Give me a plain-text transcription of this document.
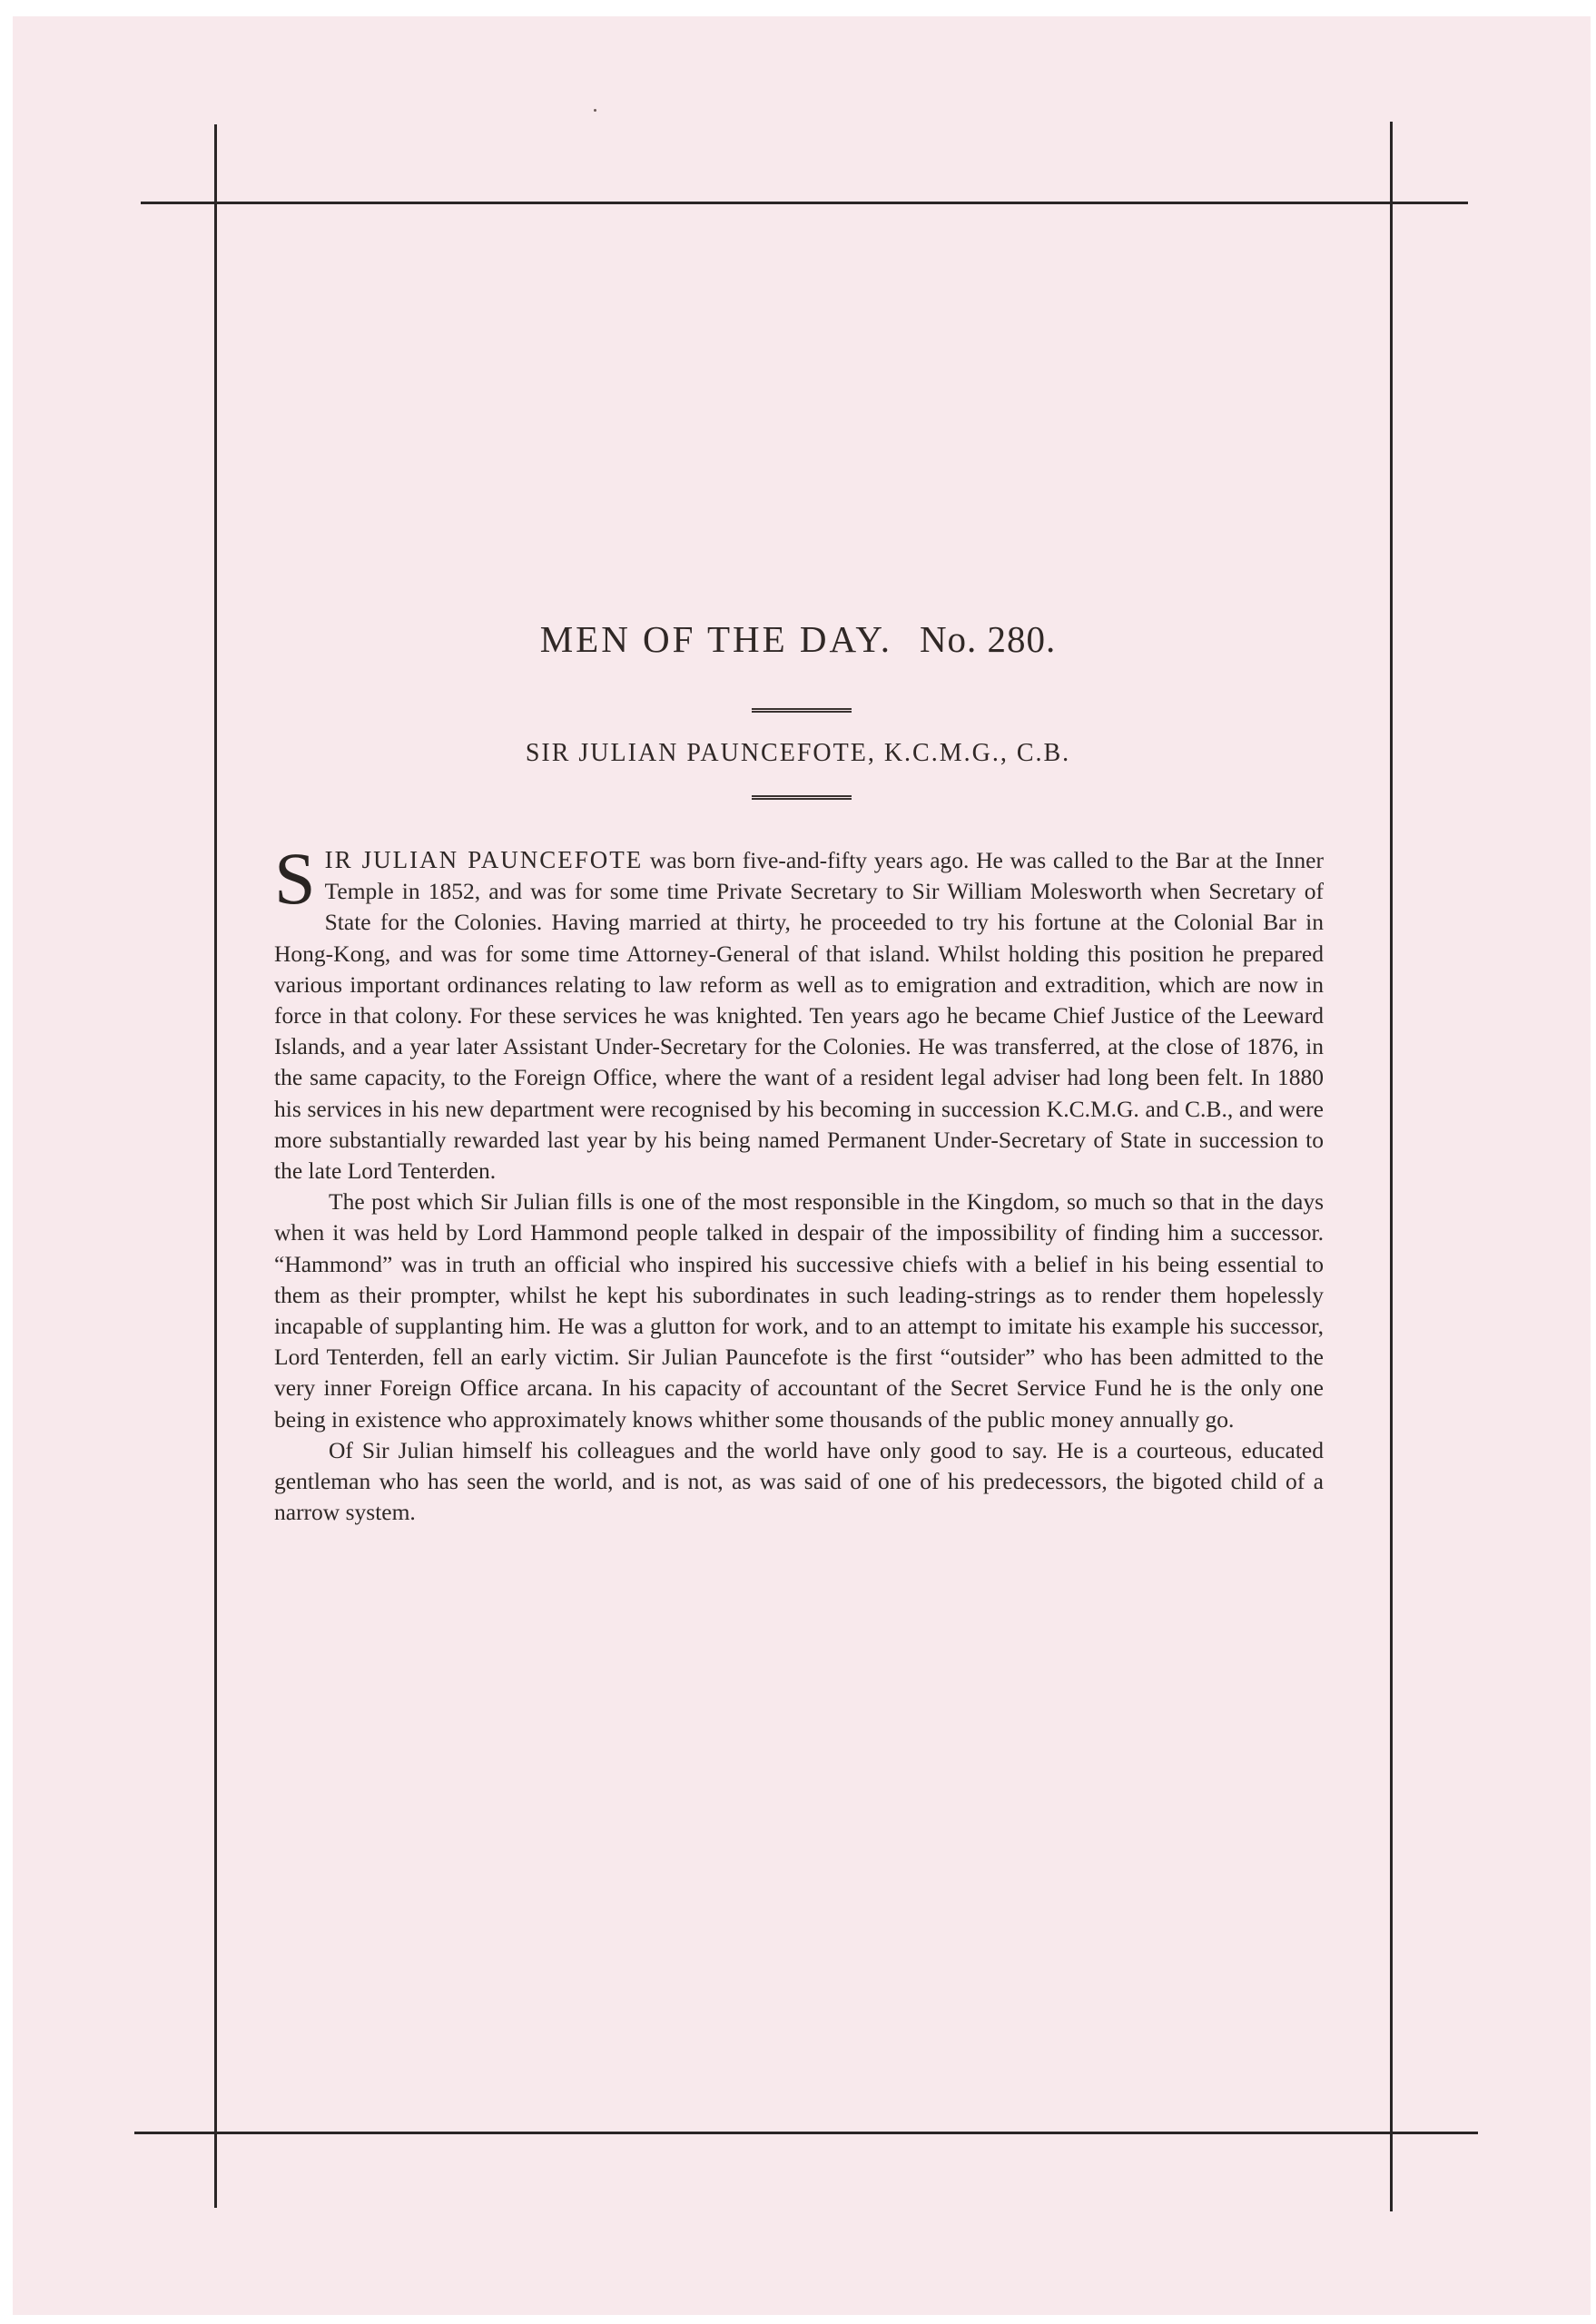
MEN OF THE DAY. No. 280.
SIR JULIAN PAUNCEFOTE, K.C.M.G., C.B.

SIR JULIAN PAUNCEFOTE was born five-and-fifty years ago. He was called to the Bar at the Inner Temple in 1852, and was for some time Private Secretary to Sir William Molesworth when Secretary of State for the Colonies. Having married at thirty, he proceeded to try his fortune at the Colonial Bar in Hong-Kong, and was for some time Attorney-General of that island. Whilst holding this position he prepared various important ordinances relating to law reform as well as to emigration and extradition, which are now in force in that colony. For these services he was knighted. Ten years ago he became Chief Justice of the Leeward Islands, and a year later Assistant Under-Secretary for the Colonies. He was transferred, at the close of 1876, in the same capacity, to the Foreign Office, where the want of a resident legal adviser had long been felt. In 1880 his services in his new department were recognised by his becoming in succession K.C.M.G. and C.B., and were more substantially rewarded last year by his being named Permanent Under-Secretary of State in succession to the late Lord Tenterden.

The post which Sir Julian fills is one of the most responsible in the Kingdom, so much so that in the days when it was held by Lord Hammond people talked in despair of the impossibility of finding him a successor. “Hammond” was in truth an official who inspired his successive chiefs with a belief in his being essential to them as their prompter, whilst he kept his subordinates in such leading-strings as to render them hopelessly incapable of supplanting him. He was a glutton for work, and to an attempt to imitate his example his successor, Lord Tenterden, fell an early victim. Sir Julian Pauncefote is the first “outsider” who has been admitted to the very inner Foreign Office arcana. In his capacity of accountant of the Secret Service Fund he is the only one being in existence who approximately knows whither some thousands of the public money annually go.

Of Sir Julian himself his colleagues and the world have only good to say. He is a courteous, educated gentleman who has seen the world, and is not, as was said of one of his predecessors, the bigoted child of a narrow system.
